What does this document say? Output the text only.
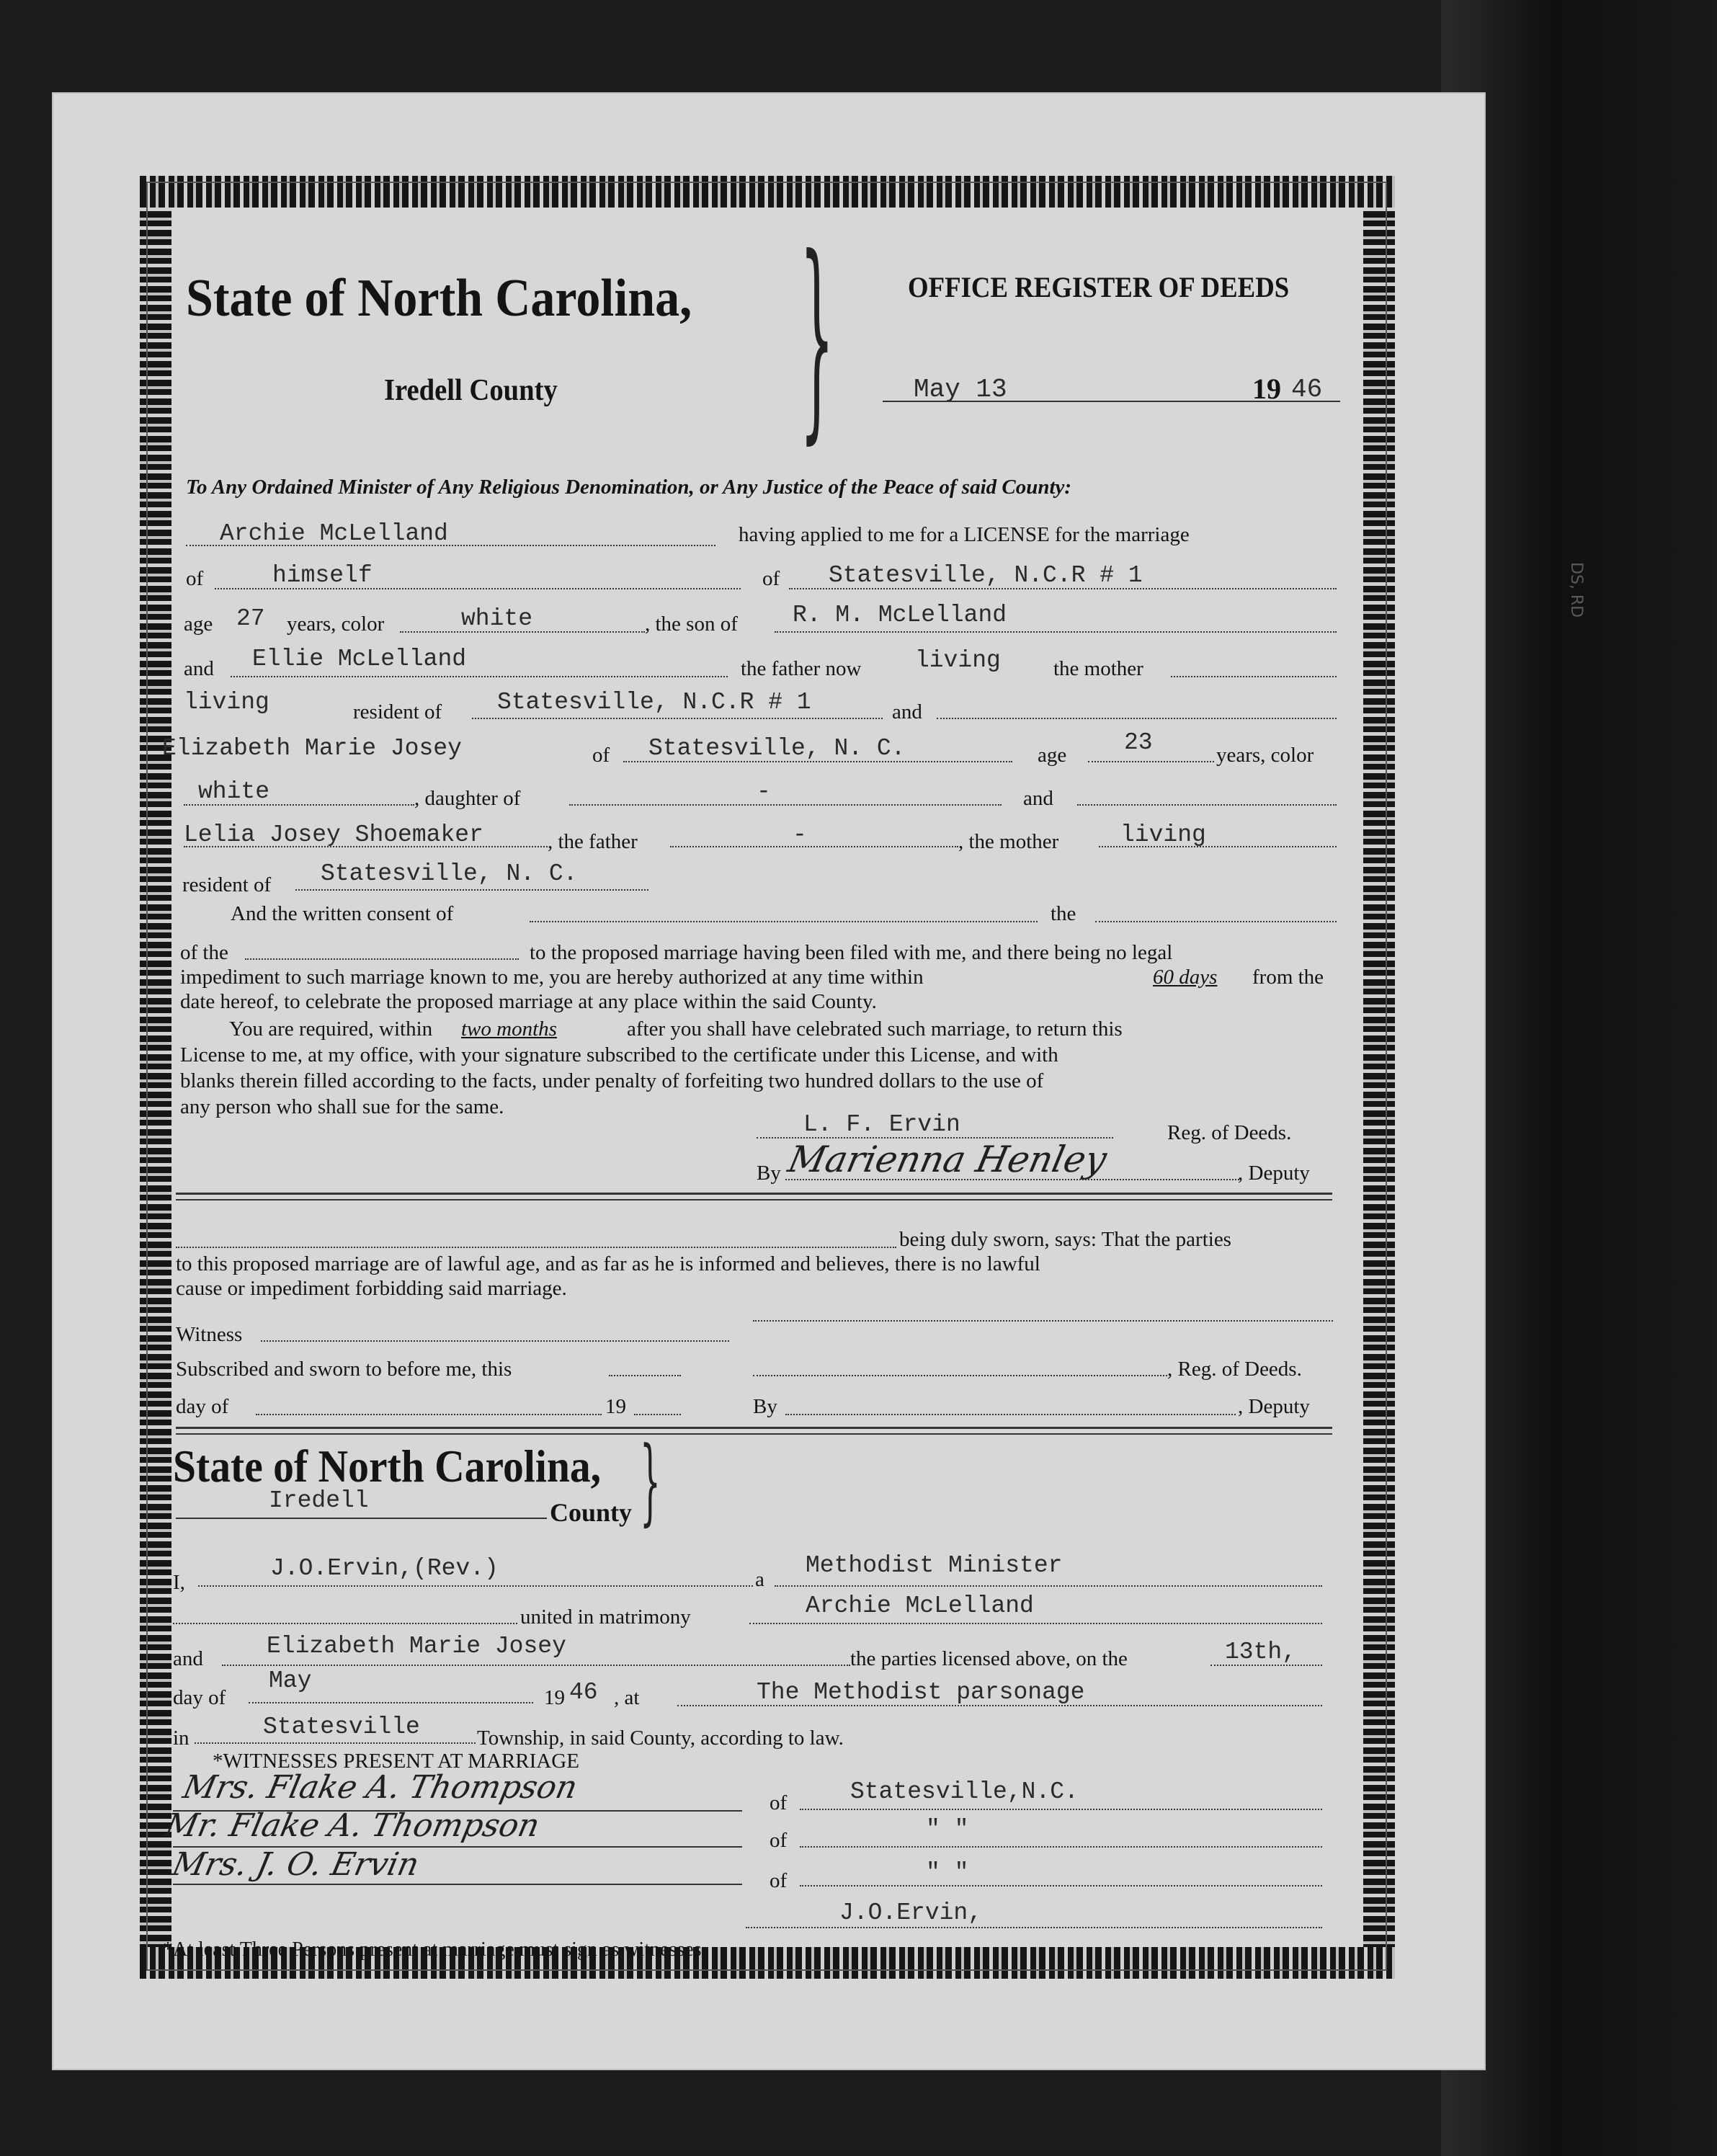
State of North Carolina, }
Iredell County
OFFICE REGISTER OF DEEDS
May 13	19 46
To Any Ordained Minister of Any Religious Denomination, or Any Justice of the Peace of said County:
Archie McLelland	having applied to me for a LICENSE for the marriage
of	himself	of Statesville, N.C.R # 1
age 27 years, color	white	, the son of R. M. McLelland
and Ellie McLelland	the father now living	the mother
living	resident of Statesville, N.C.R # 1	and
Elizabeth Marie Josey	of Statesville, N. C.	age 23	years, color
white	, daughter of	-	and
Lelia Josey Shoemaker	, the father	-	, the mother	living
resident of Statesville, N. C.
And the written consent of	the
of the	to the proposed marriage having been filed with me, and there being no legal
impediment to such marriage known to me, you are hereby authorized at any time within	60 days from the
date hereof, to celebrate the proposed marriage at any place within the said County.
You are required, within two months	after you shall have celebrated such marriage, to return this
License to me, at my office, with your signature subscribed to the certificate under this License, and with
blanks therein filled according to the facts, under penalty of forfeiting two hundred dollars to the use of
any person who shall sue for the same.
L. F. Ervin	Reg. of Deeds.
By Marienna Henley	, Deputy
being duly sworn, says: That the parties
to this proposed marriage are of lawful age, and as far as he is informed and believes, there is no lawful
cause or impediment forbidding said marriage.
Witness
Subscribed and sworn to before me, this	, Reg. of Deeds.
day of	19	By	, Deputy
State of North Carolina, }
Iredell	County
I,
J.O.Ervin,(Rev.)	a
Methodist Minister
united in matrimony	Archie McLelland
and	Elizabeth Marie Josey	the parties licensed above, on the	13th,
day of
May
19 46 , at	The Methodist parsonage
in	Statesville	Township, in said County, according to law.
*WITNESSES PRESENT AT MARRIAGE
Mrs. Flake A. Thompson	of	Statesville,N.C.
Mr. Flake A. Thompson	of	" "
Mrs. J. O. Ervin	of	" "
J.O.Ervin,
*At least Three Persons present at marriage must sign as witnesses.
DS, RD
